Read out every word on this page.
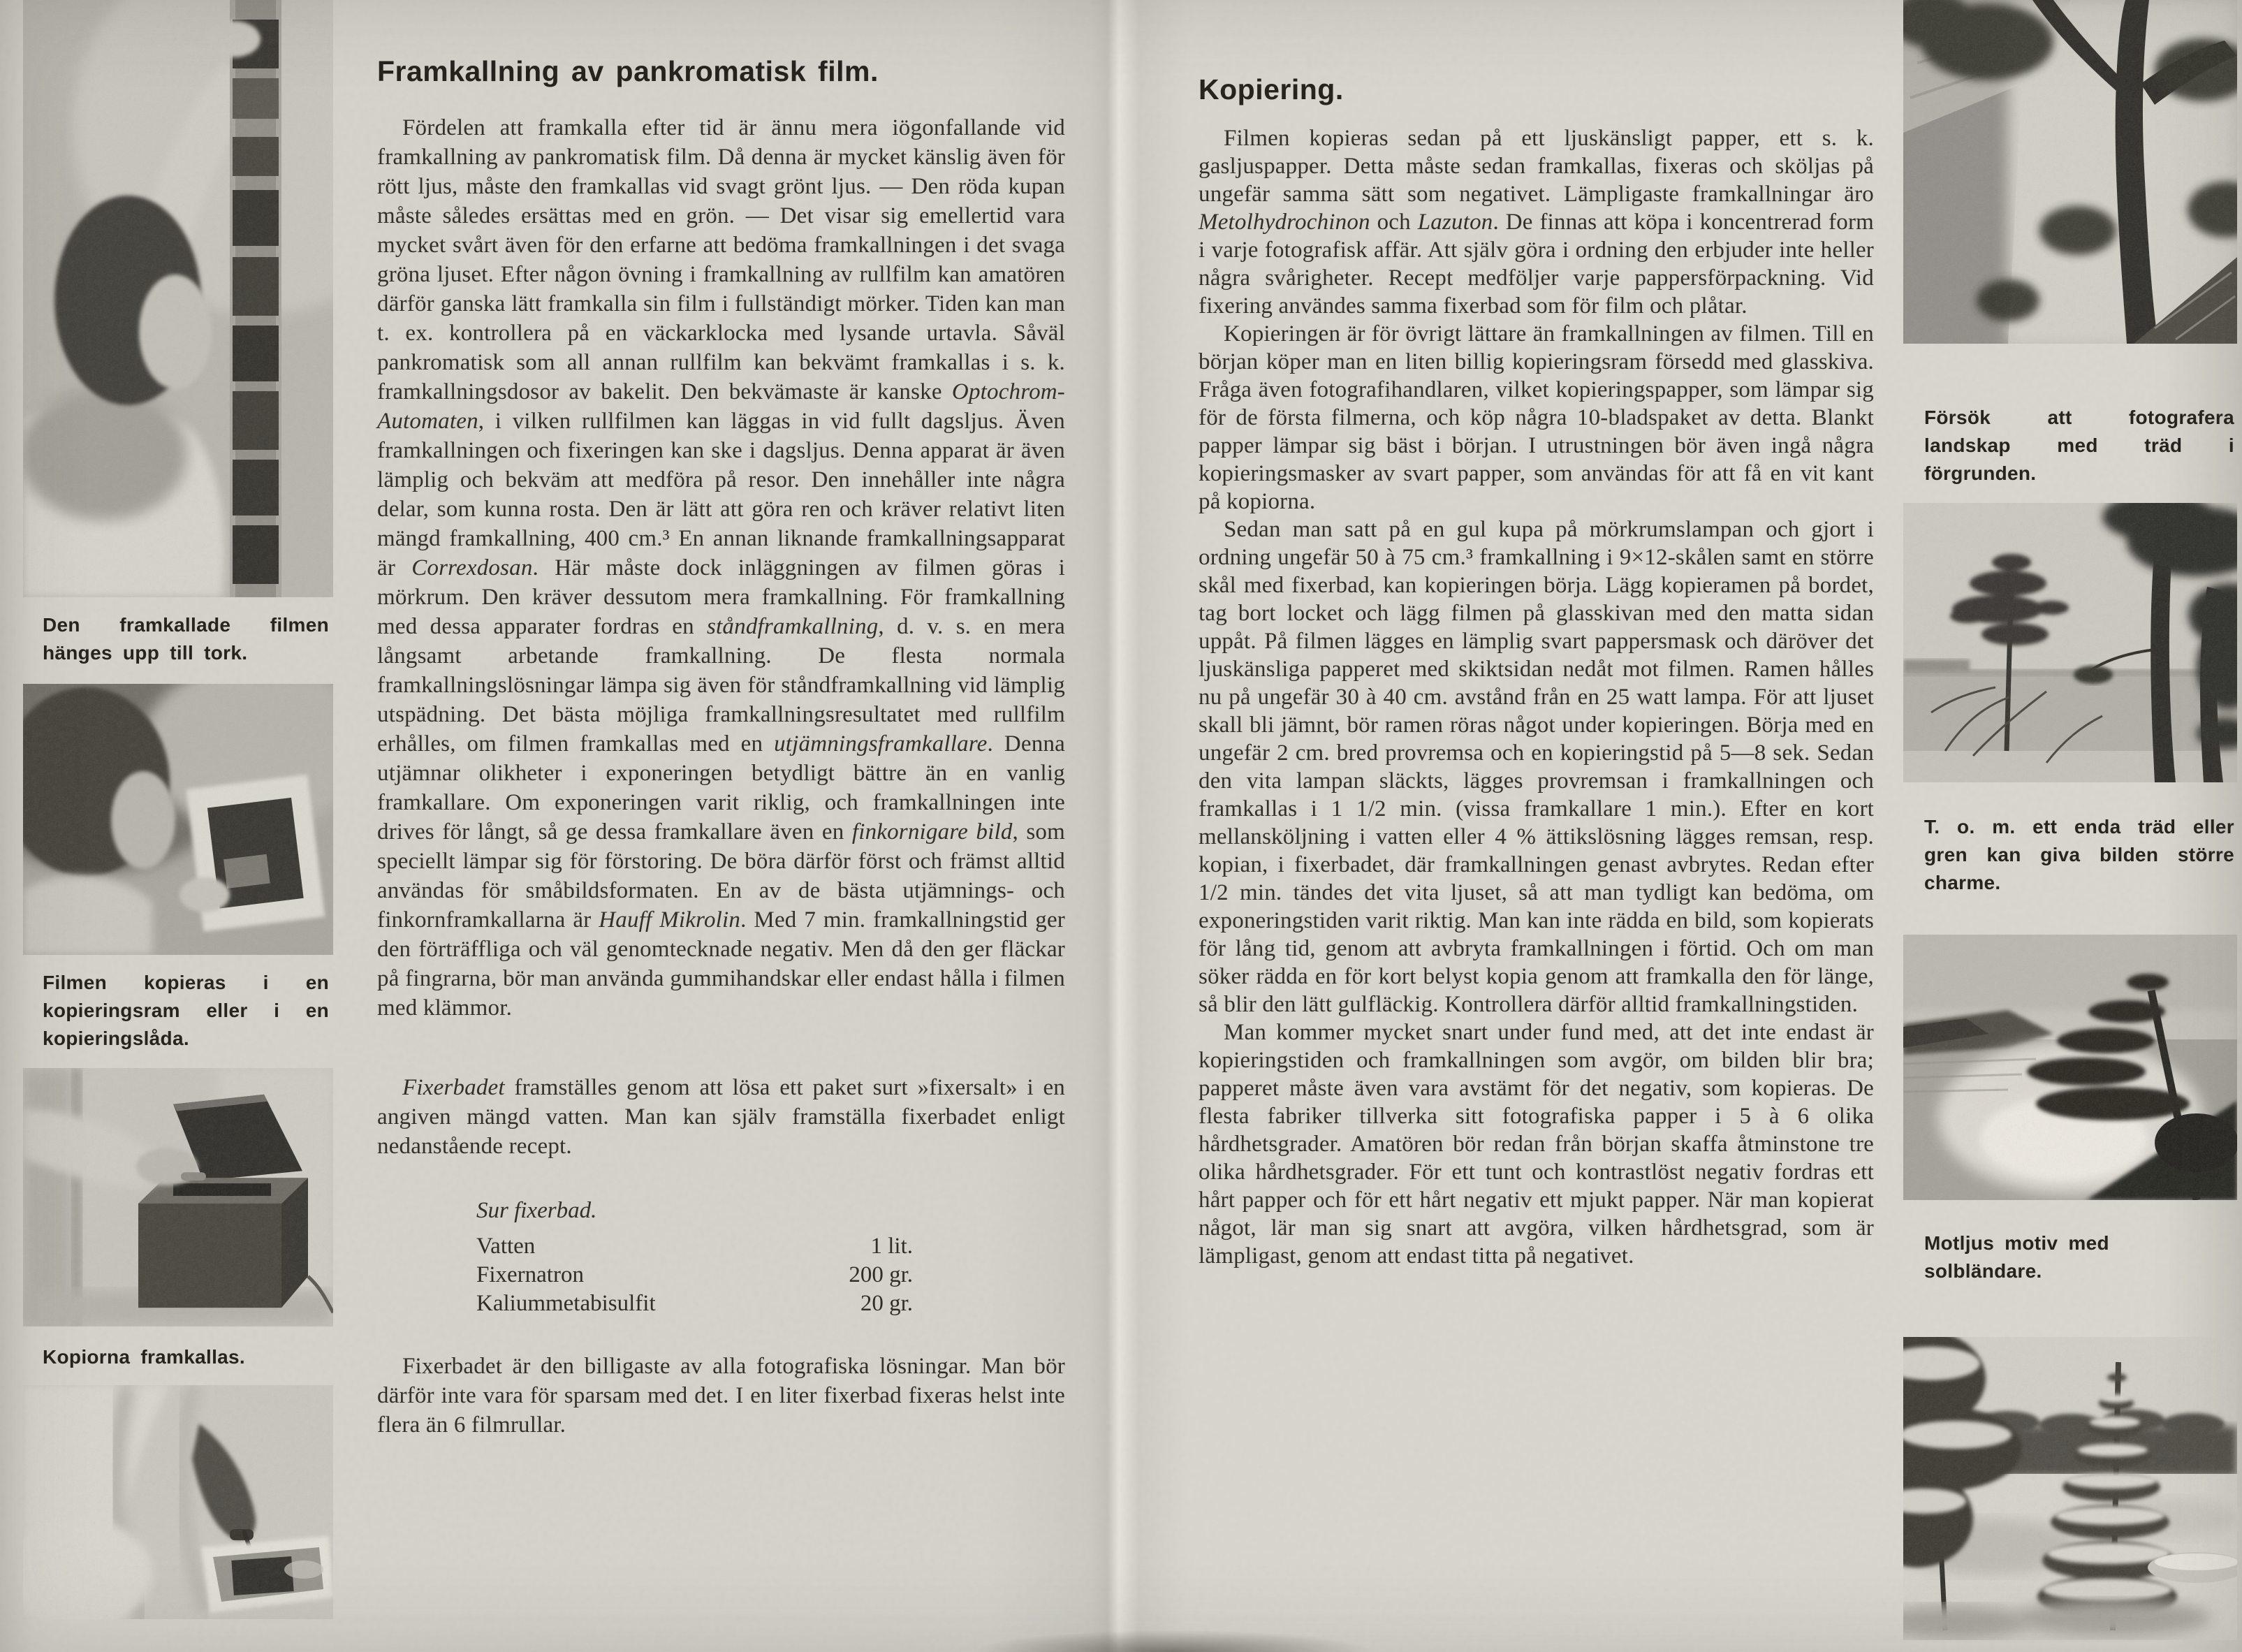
Den framkallade filmen hänges upp till tork.
Filmen kopieras i en kopieringsram eller i en kopieringslåda.
Kopiorna framkallas.
Framkallning av pankromatisk film.

Fördelen att framkalla efter tid är ännu mera iögonfallande vid framkallning av pankromatisk film. Då denna är mycket känslig även för rött ljus, måste den framkallas vid svagt grönt ljus. — Den röda kupan måste således ersättas med en grön. — Det visar sig emellertid vara mycket svårt även för den erfarne att bedöma framkallningen i det svaga gröna ljuset. Efter någon övning i framkallning av rullfilm kan amatören därför ganska lätt framkalla sin film i fullständigt mörker. Tiden kan man t. ex. kontrollera på en väckarklocka med lysande urtavla. Såväl pankromatisk som all annan rullfilm kan bekvämt framkallas i s. k. framkallningsdosor av bakelit. Den bekvämaste är kanske Optochrom-Automaten, i vilken rullfilmen kan läggas in vid fullt dagsljus. Även framkallningen och fixeringen kan ske i dagsljus. Denna apparat är även lämplig och bekväm att medföra på resor. Den innehåller inte några delar, som kunna rosta. Den är lätt att göra ren och kräver relativt liten mängd framkallning, 400 cm.³ En annan liknande framkallningsapparat är Correxdosan. Här måste dock inläggningen av filmen göras i mörkrum. Den kräver dessutom mera framkallning. För framkallning med dessa apparater fordras en ståndframkallning, d. v. s. en mera långsamt arbetande framkallning. De flesta normala framkallningslösningar lämpa sig även för ståndframkallning vid lämplig utspädning. Det bästa möjliga framkallningsresultatet med rullfilm erhålles, om filmen framkallas med en utjämningsframkallare. Denna utjämnar olikheter i exponeringen betydligt bättre än en vanlig framkallare. Om exponeringen varit riklig, och framkallningen inte drives för långt, så ge dessa framkallare även en finkornigare bild, som speciellt lämpar sig för förstoring. De böra därför först och främst alltid användas för småbildsformaten. En av de bästa utjämnings- och finkornframkallarna är Hauff Mikrolin. Med 7 min. framkallningstid ger den förträffliga och väl genomtecknade negativ. Men då den ger fläckar på fingrarna, bör man använda gummihandskar eller endast hålla i filmen med klämmor.

Fixerbadet framställes genom att lösa ett paket surt »fixersalt» i en angiven mängd vatten. Man kan själv framställa fixerbadet enligt nedanstående recept.

Sur fixerbad.
Vatten	1 lit.
Fixernatron	200 gr.
Kaliummetabisulfit	20 gr.

Fixerbadet är den billigaste av alla fotografiska lösningar. Man bör därför inte vara för sparsam med det. I en liter fixerbad fixeras helst inte flera än 6 filmrullar.

Kopiering.

Filmen kopieras sedan på ett ljuskänsligt papper, ett s. k. gasljuspapper. Detta måste sedan framkallas, fixeras och sköljas på ungefär samma sätt som negativet. Lämpligaste framkallningar äro Metolhydrochinon och Lazuton. De finnas att köpa i koncentrerad form i varje fotografisk affär. Att själv göra i ordning den erbjuder inte heller några svårigheter. Recept medföljer varje pappersförpackning. Vid fixering användes samma fixerbad som för film och plåtar.

Kopieringen är för övrigt lättare än framkallningen av filmen. Till en början köper man en liten billig kopieringsram försedd med glasskiva. Fråga även fotografihandlaren, vilket kopieringspapper, som lämpar sig för de första filmerna, och köp några 10-bladspaket av detta. Blankt papper lämpar sig bäst i början. I utrustningen bör även ingå några kopieringsmasker av svart papper, som användas för att få en vit kant på kopiorna.

Sedan man satt på en gul kupa på mörkrumslampan och gjort i ordning ungefär 50 à 75 cm.³ framkallning i 9×12-skålen samt en större skål med fixerbad, kan kopieringen börja. Lägg kopieramen på bordet, tag bort locket och lägg filmen på glasskivan med den matta sidan uppåt. På filmen lägges en lämplig svart pappersmask och däröver det ljuskänsliga papperet med skiktsidan nedåt mot filmen. Ramen hålles nu på ungefär 30 à 40 cm. avstånd från en 25 watt lampa. För att ljuset skall bli jämnt, bör ramen röras något under kopieringen. Börja med en ungefär 2 cm. bred provremsa och en kopieringstid på 5—8 sek. Sedan den vita lampan släckts, lägges provremsan i framkallningen och framkallas i 1 1/2 min. (vissa framkallare 1 min.). Efter en kort mellansköljning i vatten eller 4 % ättikslösning lägges remsan, resp. kopian, i fixerbadet, där framkallningen genast avbrytes. Redan efter 1/2 min. tändes det vita ljuset, så att man tydligt kan bedöma, om exponeringstiden varit riktig. Man kan inte rädda en bild, som kopierats för lång tid, genom att avbryta framkallningen i förtid. Och om man söker rädda en för kort belyst kopia genom att framkalla den för länge, så blir den lätt gulfläckig. Kontrollera därför alltid framkallningstiden.

Man kommer mycket snart under fund med, att det inte endast är kopieringstiden och framkallningen som avgör, om bilden blir bra; papperet måste även vara avstämt för det negativ, som kopieras. De flesta fabriker tillverka sitt fotografiska papper i 5 à 6 olika hårdhetsgrader. Amatören bör redan från början skaffa åtminstone tre olika hårdhetsgrader. För ett tunt och kontrastlöst negativ fordras ett hårt papper och för ett hårt negativ ett mjukt papper. När man kopierat något, lär man sig snart att avgöra, vilken hårdhetsgrad, som är lämpligast, genom att endast titta på negativet.

Försök att fotografera landskap med träd i förgrunden.
T. o. m. ett enda träd eller gren kan giva bilden större charme.
Motljus motiv med solbländare.
